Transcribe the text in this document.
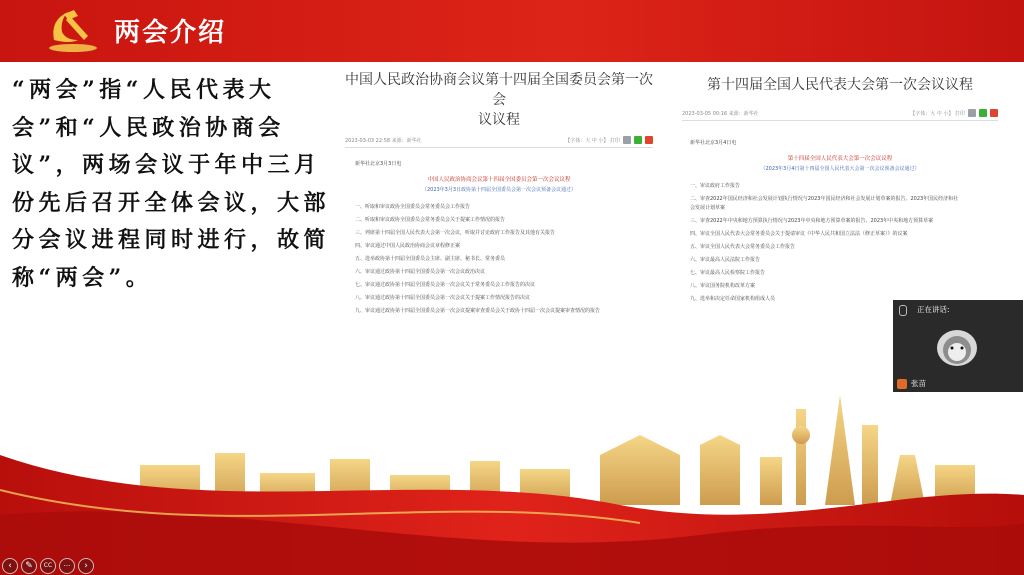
两会介绍
“两会”指“人民代表大会”和“人民政治协商会议”，两场会议于年中三月份先后召开全体会议，大部分会议进程同时进行，故简称“两会”。
中国人民政治协商会议第十四届全国委员会第一次会
议议程
2023-03-03 22:58 来源：新华社	【字体：大 中 小】 打印
新华社北京3月3日电
中国人民政治协商会议第十四届全国委员会第一次会议议程
（2023年3月3日政协第十四届全国委员会第一次会议预备会议通过）
一、听取和审议政协全国委员会常务委员会工作报告
二、听取和审议政协全国委员会常务委员会关于提案工作情况的报告
三、列席第十四届全国人民代表大会第一次会议，听取并讨论政府工作报告及其他有关报告
四、审议通过中国人民政治协商会议章程修正案
五、选举政协第十四届全国委员会主席、副主席、秘书长、常务委员
六、审议通过政协第十四届全国委员会第一次会议政治决议
七、审议通过政协第十四届全国委员会第一次会议关于常务委员会工作报告的决议
八、审议通过政协第十四届全国委员会第一次会议关于提案工作情况报告的决议
九、审议通过政协第十四届全国委员会第一次会议提案审查委员会关于政协十四届一次会议提案审查情况的报告
第十四届全国人民代表大会第一次会议议程
2023-03-05 00:16 来源：新华社	【字体：大 中 小】 打印
新华社北京3月4日电
第十四届全国人民代表大会第一次会议议程
（2023年3月4日第十四届全国人民代表大会第一次会议预备会议通过）
一、审议政府工作报告
二、审查2022年国民经济和社会发展计划执行情况与2023年国民经济和社会发展计划草案的报告、2023年国民经济和社
会发展计划草案
三、审查2022年中央和地方预算执行情况与2023年中央和地方预算草案的报告、2023年中央和地方预算草案
四、审议全国人民代表大会常务委员会关于提请审议《中华人民共和国立法法（修正草案）》的议案
五、审议全国人民代表大会常务委员会工作报告
六、审议最高人民法院工作报告
七、审议最高人民检察院工作报告
八、审议国务院机构改革方案
九、选举和决定任命国家机构组成人员
正在讲话:
张苗
‹	✎	CC	···	›
